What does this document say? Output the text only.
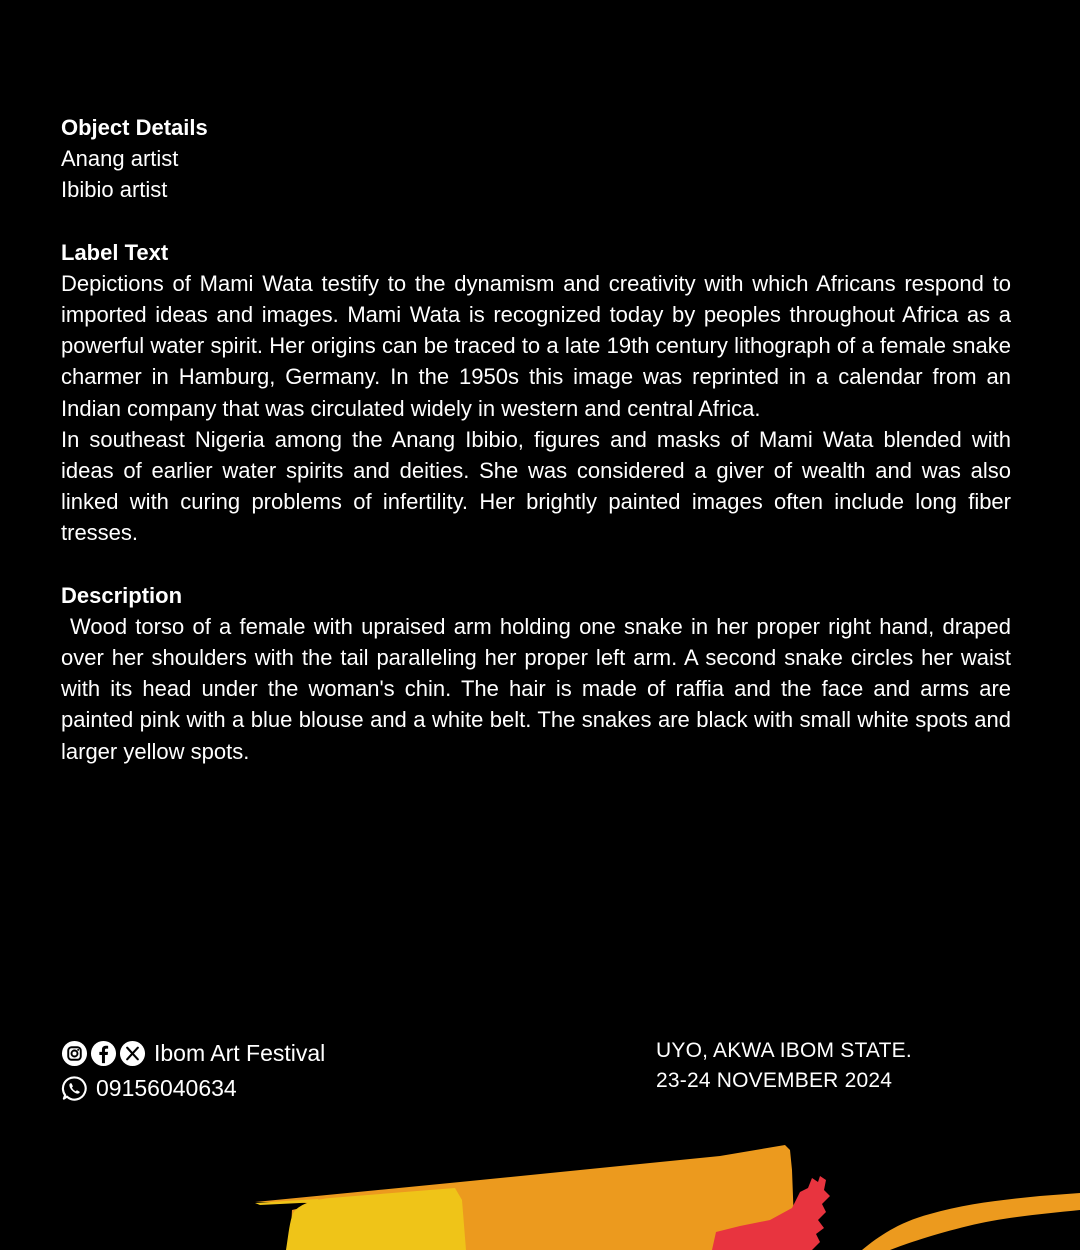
Object Details

Anang artist

Ibibio artist

Label Text

Depictions of Mami Wata testify to the dynamism and creativity with which Africans respond to imported ideas and images. Mami Wata is recognized today by peoples throughout Africa as a powerful water spirit. Her origins can be traced to a late 19th century lithograph of a female snake charmer in Hamburg, Germany. In the 1950s this image was reprinted in a calendar from an Indian company that was circulated widely in western and central Africa.

In southeast Nigeria among the Anang Ibibio, figures and masks of Mami Wata blended with ideas of earlier water spirits and deities. She was considered a giver of wealth and was also linked with curing problems of infertility. Her brightly painted images often include long fiber tresses.

Description

Wood torso of a female with upraised arm holding one snake in her proper right hand, draped over her shoulders with the tail paralleling her proper left arm. A second snake circles her waist with its head under the woman's chin. The hair is made of raffia and the face and arms are painted pink with a blue blouse and a white belt. The snakes are black with small white spots and larger yellow spots.

Ibom Art Festival
09156040634
UYO, AKWA IBOM STATE.
23-24 NOVEMBER 2024
